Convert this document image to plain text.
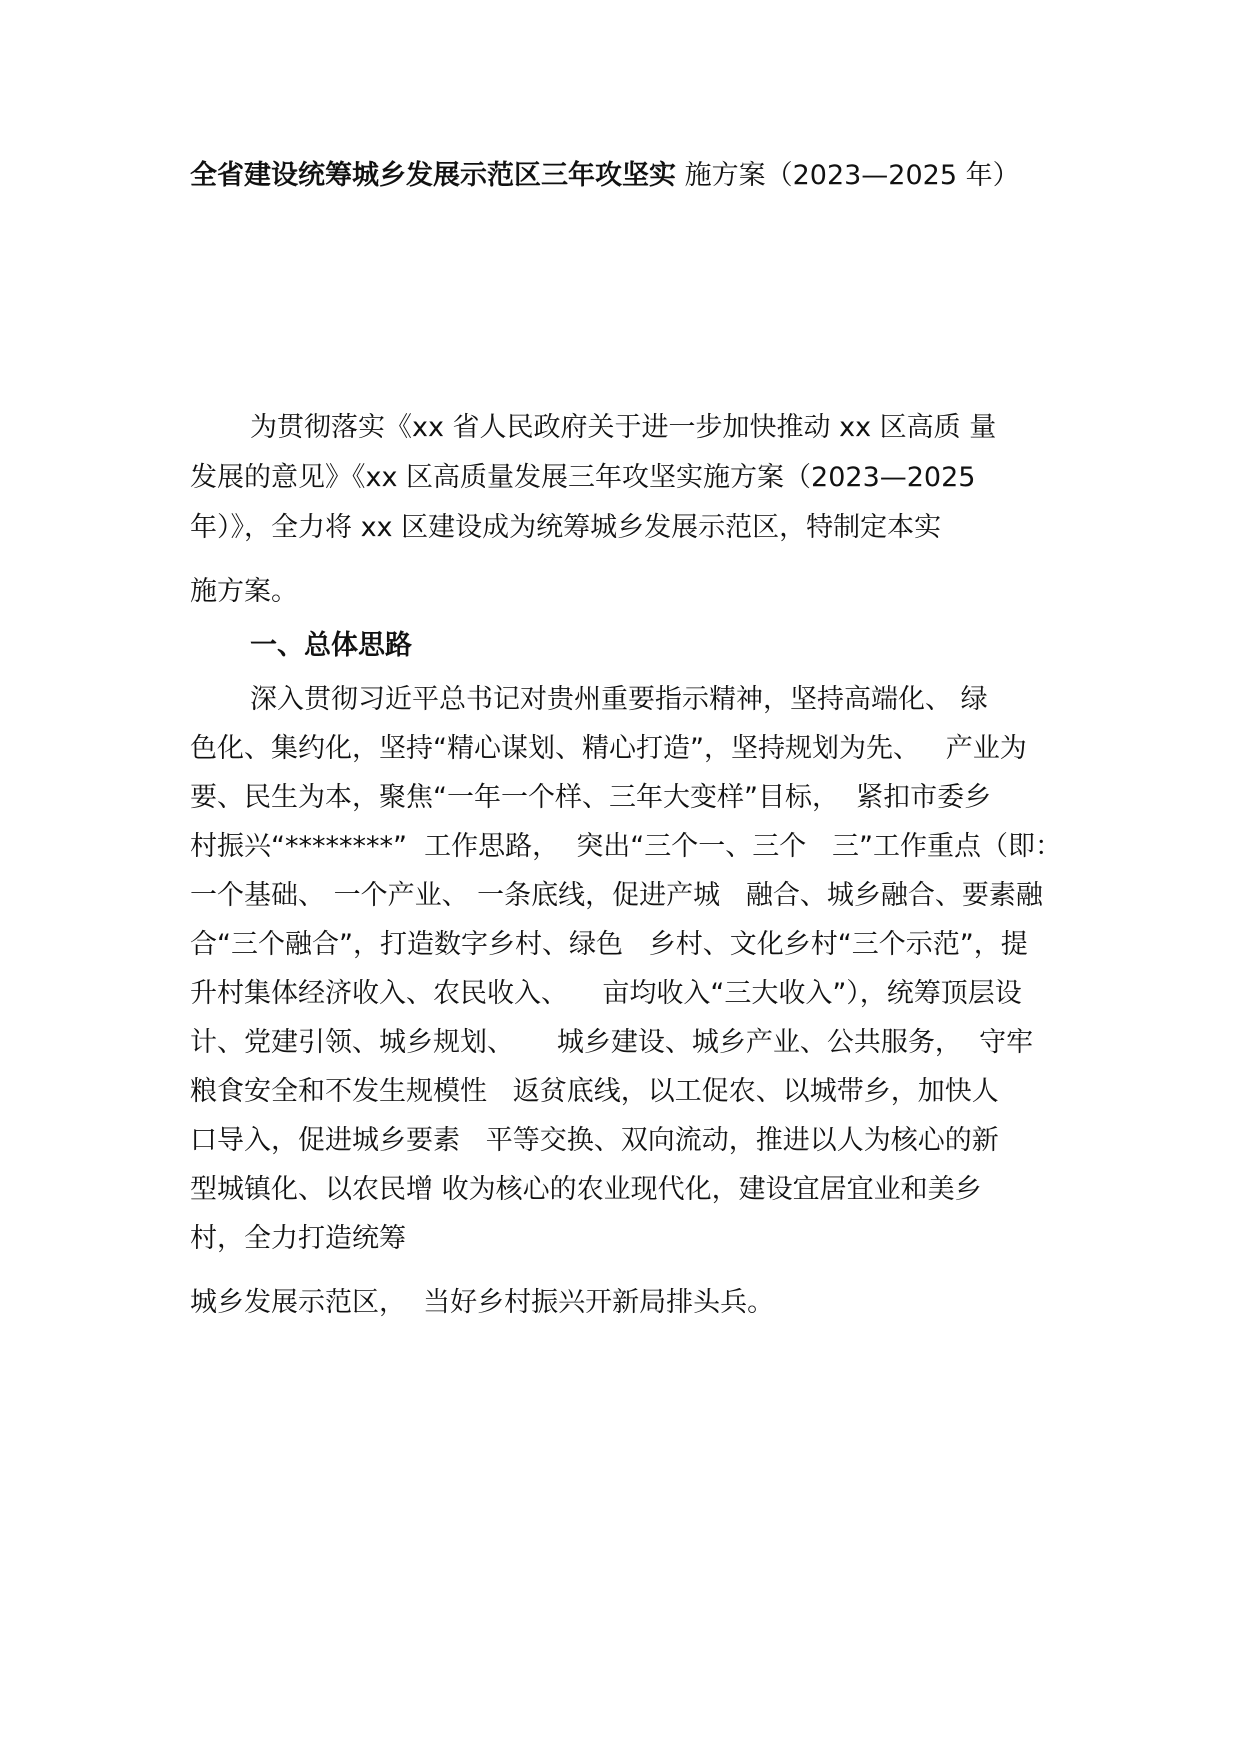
全省建设统筹城乡发展示范区三年攻坚实 施方案（2023—2025 年）
为贯彻落实《xx 省人民政府关于进一步加快推动 xx 区高质 量
发展的意见》《xx 区高质量发展三年攻坚实施方案（2023—2025
年）》，全力将 xx 区建设成为统筹城乡发展示范区，特制定本实
施方案。
一、总体思路
深入贯彻习近平总书记对贵州重要指示精神，坚持高端化、 绿
色化、集约化，坚持“精心谋划、精心打造”，坚持规划为先、   产业为
要、民生为本，聚焦“一年一个样、三年大变样”目标，  紧扣市委乡
村振兴“********”  工作思路，  突出“三个一、三个   三”工作重点（即：
一个基础、 一个产业、 一条底线，促进产城   融合、城乡融合、要素融
合“三个融合”，打造数字乡村、绿色   乡村、文化乡村“三个示范”，提
升村集体经济收入、农民收入、    亩均收入“三大收入”），统筹顶层设
计、党建引领、城乡规划、     城乡建设、城乡产业、公共服务，  守牢
粮食安全和不发生规模性   返贫底线，以工促农、以城带乡，加快人
口导入，促进城乡要素   平等交换、双向流动，推进以人为核心的新
型城镇化、以农民增 收为核心的农业现代化，建设宜居宜业和美乡
村，全力打造统筹
城乡发展示范区，  当好乡村振兴开新局排头兵。
